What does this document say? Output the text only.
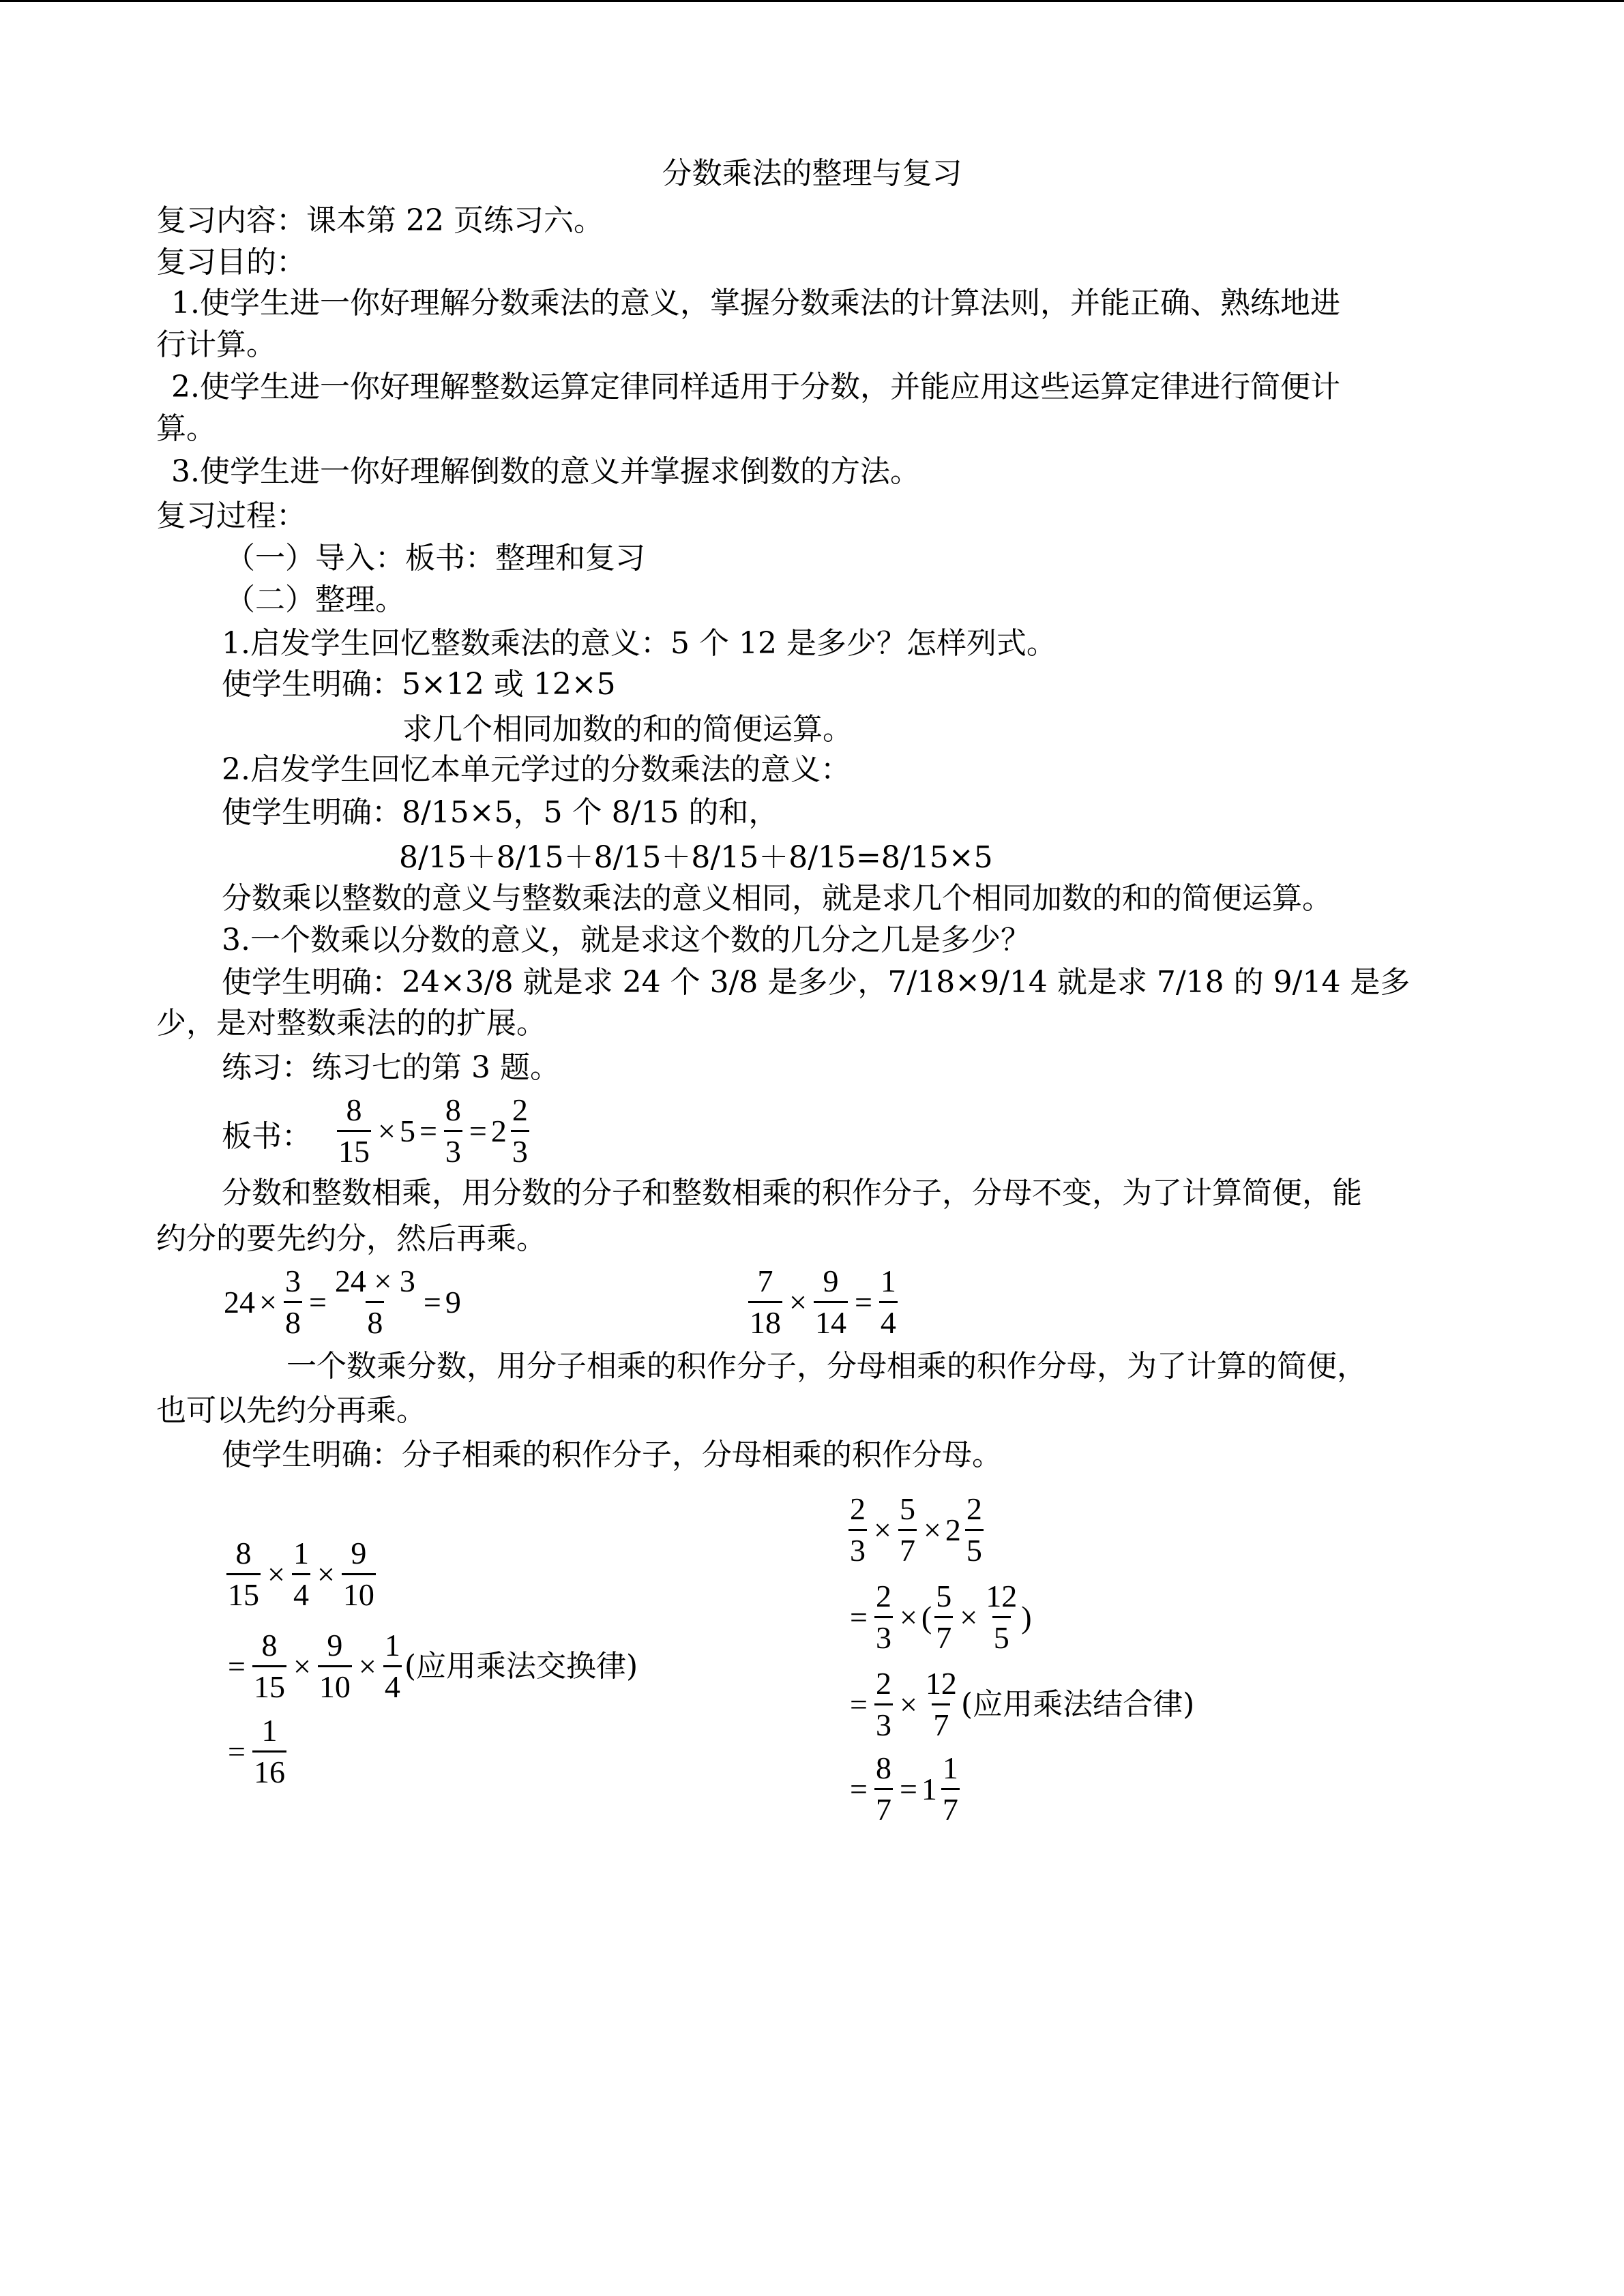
分数乘法的整理与复习
复习内容：课本第 22 页练习六。
复习目的：
1.使学生进一你好理解分数乘法的意义，掌握分数乘法的计算法则，并能正确、熟练地进
行计算。
2.使学生进一你好理解整数运算定律同样适用于分数，并能应用这些运算定律进行简便计
算。
3.使学生进一你好理解倒数的意义并掌握求倒数的方法。
复习过程：
（一）导入：板书：整理和复习
（二）整理。
1.启发学生回忆整数乘法的意义：5 个 12 是多少？怎样列式。
使学生明确：5×12 或 12×5
求几个相同加数的和的简便运算。
2.启发学生回忆本单元学过的分数乘法的意义：
使学生明确：8/15×5，5 个 8/15 的和，
8/15＋8/15＋8/15＋8/15＋8/15=8/15×5
分数乘以整数的意义与整数乘法的意义相同，就是求几个相同加数的和的简便运算。
3.一个数乘以分数的意义，就是求这个数的几分之几是多少？
使学生明确：24×3/8 就是求 24 个 3/8 是多少，7/18×9/14 就是求 7/18 的 9/14 是多
少，是对整数乘法的的扩展。
练习：练习七的第 3 题。
板书： $\frac{8}{15} \times 5 = \frac{8}{3} = 2 \frac{2}{3}$
分数和整数相乘，用分数的分子和整数相乘的积作分子，分母不变，为了计算简便，能
约分的要先约分，然后再乘。
$24 \times \frac{3}{8} = \frac{24 \times 3}{8} = 9$	$\frac{7}{18} \times \frac{9}{14} = \frac{1}{4}$
一个数乘分数，用分子相乘的积作分子，分母相乘的积作分母，为了计算的简便，
也可以先约分再乘。
使学生明确：分子相乘的积作分子，分母相乘的积作分母。
$\frac{8}{15} \times \frac{1}{4} \times \frac{9}{10}$
= $\frac{8}{15} \times \frac{9}{10} \times \frac{1}{4}$ (应用乘法交换律)
= $\frac{1}{16}$
$\frac{2}{3} \times \frac{5}{7} \times 2 \frac{2}{5}$
= $\frac{2}{3}$ × ( $\frac{5}{7} \times \frac{12}{5}$ )
= $\frac{2}{3} \times \frac{12}{7}$ (应用乘法结合律)
= $\frac{8}{7} = 1 \frac{1}{7}$
